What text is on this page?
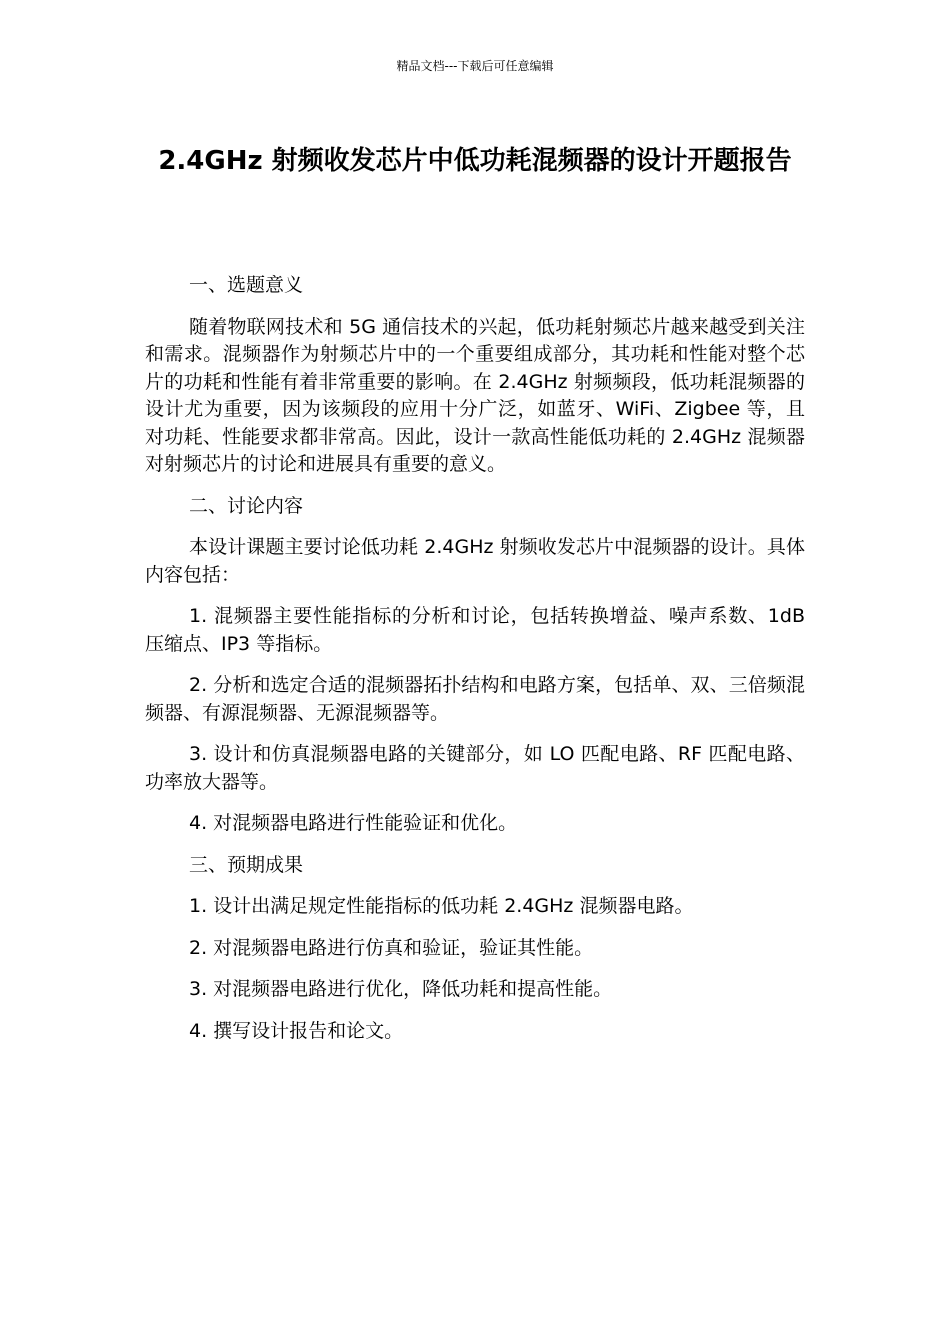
精品文档---下载后可任意编辑
2.4GHz 射频收发芯片中低功耗混频器的设计开题报告

一、选题意义

随着物联网技术和 5G 通信技术的兴起，低功耗射频芯片越来越受到关注和需求。混频器作为射频芯片中的一个重要组成部分，其功耗和性能对整个芯片的功耗和性能有着非常重要的影响。在 2.4GHz 射频频段，低功耗混频器的设计尤为重要，因为该频段的应用十分广泛，如蓝牙、WiFi、Zigbee 等，且对功耗、性能要求都非常高。因此，设计一款高性能低功耗的 2.4GHz 混频器对射频芯片的讨论和进展具有重要的意义。

二、讨论内容

本设计课题主要讨论低功耗 2.4GHz 射频收发芯片中混频器的设计。具体内容包括：

1. 混频器主要性能指标的分析和讨论，包括转换增益、噪声系数、1dB 压缩点、IP3 等指标。

2. 分析和选定合适的混频器拓扑结构和电路方案，包括单、双、三倍频混频器、有源混频器、无源混频器等。

3. 设计和仿真混频器电路的关键部分，如 LO 匹配电路、RF 匹配电路、功率放大器等。

4. 对混频器电路进行性能验证和优化。

三、预期成果

1. 设计出满足规定性能指标的低功耗 2.4GHz 混频器电路。

2. 对混频器电路进行仿真和验证，验证其性能。

3. 对混频器电路进行优化，降低功耗和提高性能。

4. 撰写设计报告和论文。
